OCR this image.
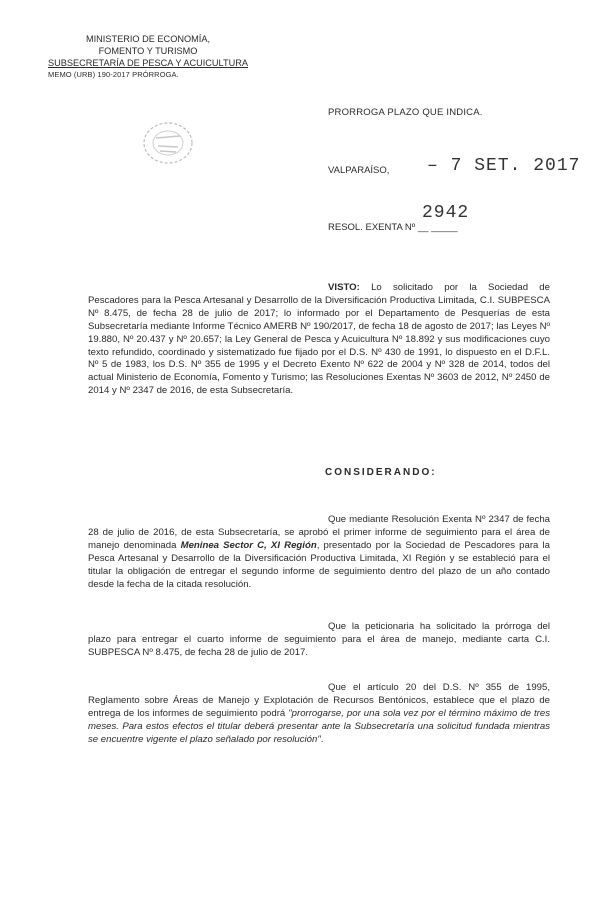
MINISTERIO DE ECONOMÍA,
FOMENTO Y TURISMO
SUBSECRETARÍA DE PESCA Y ACUICULTURA
MEMO (URB) 190-2017 PRÓRROGA.
PRORROGA PLAZO QUE INDICA.
VALPARAÍSO, – 7 SET. 2017
RESOL. EXENTA Nº __ _____
2942
VISTO: Lo solicitado por la Sociedad de Pescadores para la Pesca Artesanal y Desarrollo de la Diversificación Productiva Limitada, C.I. SUBPESCA Nº 8.475, de fecha 28 de julio de 2017; lo informado por el Departamento de Pesquerías de esta Subsecretaría mediante Informe Técnico AMERB Nº 190/2017, de fecha 18 de agosto de 2017; las Leyes Nº 19.880, Nº 20.437 y Nº 20.657; la Ley General de Pesca y Acuicultura Nº 18.892 y sus modificaciones cuyo texto refundido, coordinado y sistematizado fue fijado por el D.S. Nº 430 de 1991, lo dispuesto en el D.F.L. Nº 5 de 1983, los D.S. Nº 355 de 1995 y el Decreto Exento Nº 622 de 2004 y Nº 328 de 2014, todos del actual Ministerio de Economía, Fomento y Turismo; las Resoluciones Exentas Nº 3603 de 2012, Nº 2450 de 2014 y Nº 2347 de 2016, de esta Subsecretaría.
CONSIDERANDO:
Que mediante Resolución Exenta Nº 2347 de fecha 28 de julio de 2016, de esta Subsecretaría, se aprobó el primer informe de seguimiento para el área de manejo denominada Meninea Sector C, XI Región, presentado por la Sociedad de Pescadores para la Pesca Artesanal y Desarrollo de la Diversificación Productiva Limitada, XI Región y se estableció para el titular la obligación de entregar el segundo informe de seguimiento dentro del plazo de un año contado desde la fecha de la citada resolución.
Que la peticionaria ha solicitado la prórroga del plazo para entregar el cuarto informe de seguimiento para el área de manejo, mediante carta C.I. SUBPESCA Nº 8.475, de fecha 28 de julio de 2017.
Que el artículo 20 del D.S. Nº 355 de 1995, Reglamento sobre Áreas de Manejo y Explotación de Recursos Bentónicos, establece que el plazo de entrega de los informes de seguimiento podrá "prorrogarse, por una sola vez por el término máximo de tres meses. Para estos efectos el titular deberá presentar ante la Subsecretaría una solicitud fundada mientras se encuentre vigente el plazo señalado por resolución".
